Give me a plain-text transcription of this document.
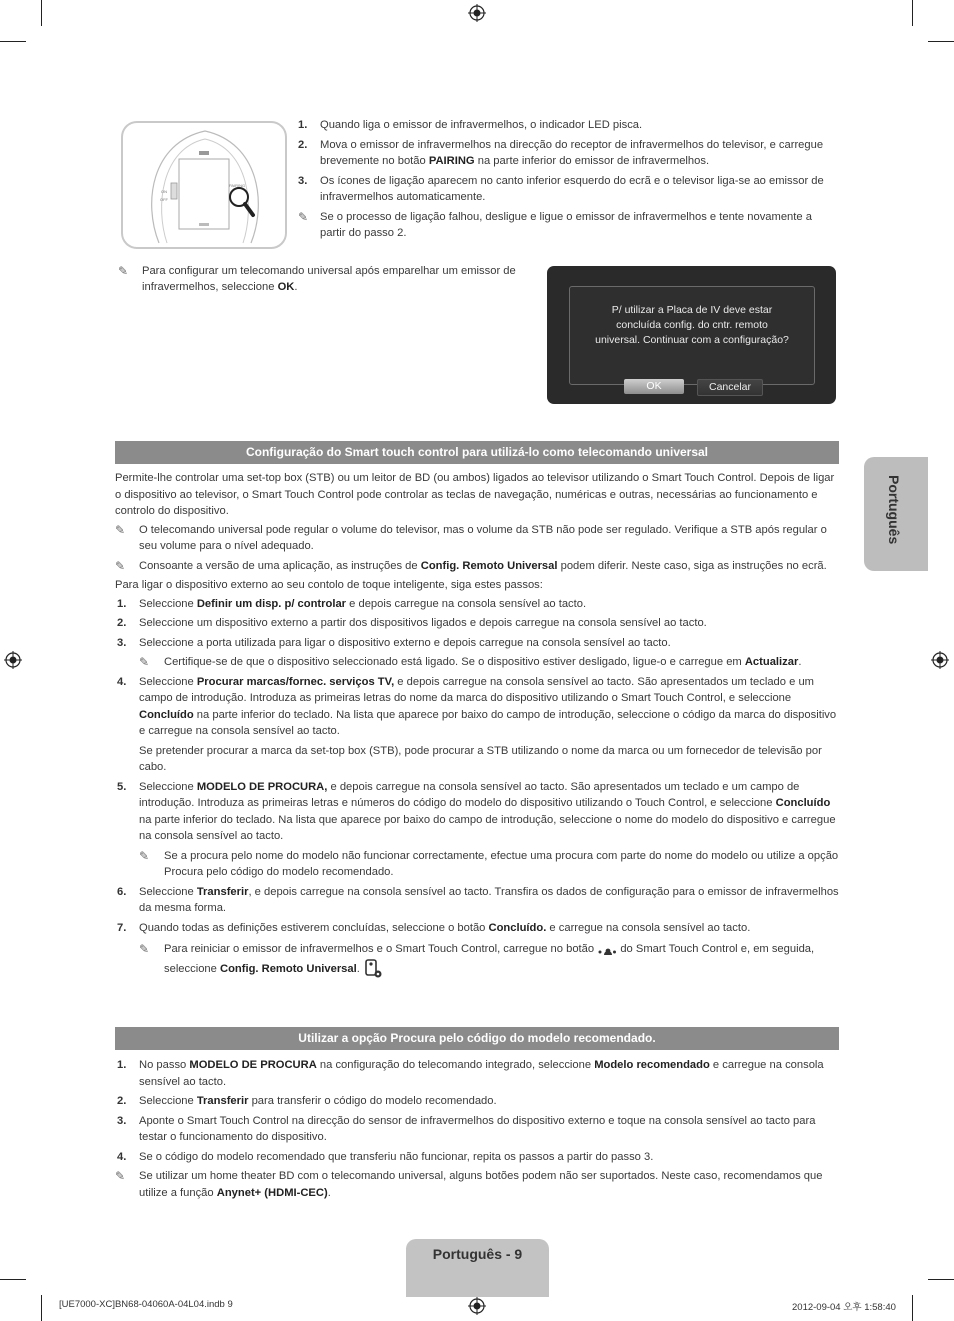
ON
OFF
PAIRING
1. Quando liga o emissor de infravermelhos, o indicador LED pisca.
2. Mova o emissor de infravermelhos na direcção do receptor de infravermelhos do televisor, e carregue brevemente no botão PAIRING na parte inferior do emissor de infravermelhos.
3. Os ícones de ligação aparecem no canto inferior esquerdo do ecrã e o televisor liga-se ao emissor de infravermelhos automaticamente.
✎ Se o processo de ligação falhou, desligue e ligue o emissor de infravermelhos e tente novamente a partir do passo 2.
✎ Para configurar um telecomando universal após emparelhar um emissor de infravermelhos, seleccione OK.
P/ utilizar a Placa de IV deve estar
concluída config. do cntr. remoto
universal. Continuar com a configuração?
OK	Cancelar
Configuração do Smart touch control para utilizá-lo como telecomando universal

Permite-lhe controlar uma set-top box (STB) ou um leitor de BD (ou ambos) ligados ao televisor utilizando o Smart Touch Control. Depois de ligar o dispositivo ao televisor, o Smart Touch Control pode controlar as teclas de navegação, numéricas e outras, necessárias ao funcionamento e controlo do dispositivo.

✎ O telecomando universal pode regular o volume do televisor, mas o volume da STB não pode ser regulado. Verifique a STB após regular o seu volume para o nível adequado.
✎ Consoante a versão de uma aplicação, as instruções de Config. Remoto Universal podem diferir. Neste caso, siga as instruções no ecrã.

Para ligar o dispositivo externo ao seu contolo de toque inteligente, siga estes passos:

1. Seleccione Definir um disp. p/ controlar e depois carregue na consola sensível ao tacto.
2. Seleccione um dispositivo externo a partir dos dispositivos ligados e depois carregue na consola sensível ao tacto.
3. Seleccione a porta utilizada para ligar o dispositivo externo e depois carregue na consola sensível ao tacto.
✎ Certifique-se de que o dispositivo seleccionado está ligado. Se o dispositivo estiver desligado, ligue-o e carregue em Actualizar.
4. Seleccione Procurar marcas/fornec. serviços TV, e depois carregue na consola sensível ao tacto. São apresentados um teclado e um campo de introdução. Introduza as primeiras letras do nome da marca do dispositivo utilizando o Smart Touch Control, e seleccione Concluído na parte inferior do teclado. Na lista que aparece por baixo do campo de introdução, seleccione o código da marca do dispositivo e carregue na consola sensível ao tacto.
Se pretender procurar a marca da set-top box (STB), pode procurar a STB utilizando o nome da marca ou um fornecedor de televisão por cabo.
5. Seleccione MODELO DE PROCURA, e depois carregue na consola sensível ao tacto. São apresentados um teclado e um campo de introdução. Introduza as primeiras letras e números do código do modelo do dispositivo utilizando o Touch Control, e seleccione Concluído na parte inferior do teclado. Na lista que aparece por baixo do campo de introdução, seleccione o nome do modelo do dispositivo e carregue na consola sensível ao tacto.
✎ Se a procura pelo nome do modelo não funcionar correctamente, efectue uma procura com parte do nome do modelo ou utilize a opção Procura pelo código do modelo recomendado.
6. Seleccione Transferir, e depois carregue na consola sensível ao tacto. Transfira os dados de configuração para o emissor de infravermelhos da mesma forma.
7. Quando todas as definições estiverem concluídas, seleccione o botão Concluído. e carregue na consola sensível ao tacto.
✎ Para reiniciar o emissor de infravermelhos e o Smart Touch Control, carregue no botão  do Smart Touch Control e, em seguida, seleccione Config. Remoto Universal.
Utilizar a opção Procura pelo código do modelo recomendado.
1. No passo MODELO DE PROCURA na configuração do telecomando integrado, seleccione Modelo recomendado e carregue na consola sensível ao tacto.
2. Seleccione Transferir para transferir o código do modelo recomendado.
3. Aponte o Smart Touch Control na direcção do sensor de infravermelhos do dispositivo externo e toque na consola sensível ao tacto para testar o funcionamento do dispositivo.
4. Se o código do modelo recomendado que transferiu não funcionar, repita os passos a partir do passo 3.
✎ Se utilizar um home theater BD com o telecomando universal, alguns botões podem não ser suportados. Neste caso, recomendamos que utilize a função Anynet+ (HDMI-CEC).
Português
Português - 9
[UE7000-XC]BN68-04060A-04L04.indb 9	2012-09-04 오후 1:58:40
